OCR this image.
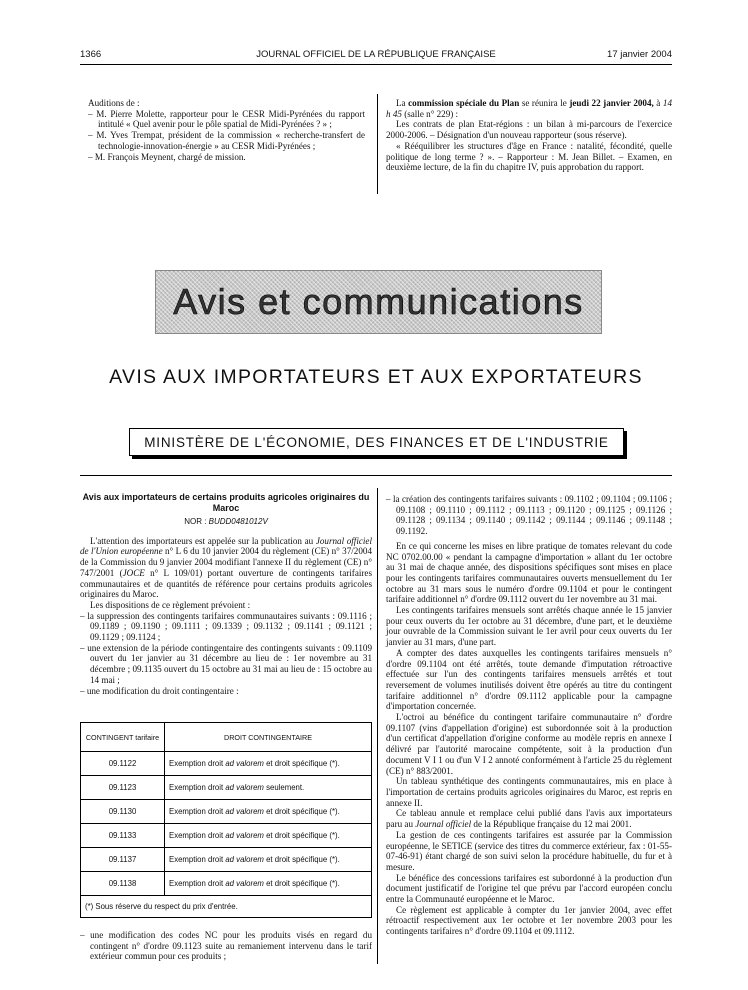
1366	JOURNAL OFFICIEL DE LA RÉPUBLIQUE FRANÇAISE	17 janvier 2004

Auditions de :

– M. Pierre Molette, rapporteur pour le CESR Midi-Pyrénées du rapport intitulé « Quel avenir pour le pôle spatial de Midi-Pyrénées ? » ;

– M. Yves Trempat, président de la commission « recherche-transfert de technologie-innovation-énergie » au CESR Midi-Pyrénées ;

– M. François Meynent, chargé de mission.

La commission spéciale du Plan se réunira le jeudi 22 janvier 2004, à 14 h 45 (salle n° 229) :

Les contrats de plan Etat-régions : un bilan à mi-parcours de l'exercice 2000-2006. – Désignation d'un nouveau rapporteur (sous réserve).

« Rééquilibrer les structures d'âge en France : natalité, fécondité, quelle politique de long terme ? ». – Rapporteur : M. Jean Billet. – Examen, en deuxième lecture, de la fin du chapitre IV, puis approbation du rapport.

Avis et communications
AVIS AUX IMPORTATEURS ET AUX EXPORTATEURS
MINISTÈRE DE L'ÉCONOMIE, DES FINANCES ET DE L'INDUSTRIE
Avis aux importateurs de certains produits agricoles originaires du Maroc
NOR : BUDD0481012V

L'attention des importateurs est appelée sur la publication au Journal officiel de l'Union européenne n° L 6 du 10 janvier 2004 du règlement (CE) n° 37/2004 de la Commission du 9 janvier 2004 modifiant l'annexe II du règlement (CE) n° 747/2001 (JOCE n° L 109/01) portant ouverture de contingents tarifaires communautaires et de quantités de référence pour certains produits agricoles originaires du Maroc.

Les dispositions de ce règlement prévoient :

– la suppression des contingents tarifaires communautaires suivants : 09.1116 ; 09.1189 ; 09.1190 ; 09.1111 ; 09.1339 ; 09.1132 ; 09.1141 ; 09.1121 ; 09.1129 ; 09.1124 ;

– une extension de la période contingentaire des contingents suivants : 09.1109 ouvert du 1er janvier au 31 décembre au lieu de : 1er novembre au 31 décembre ; 09.1135 ouvert du 15 octobre au 31 mai au lieu de : 15 octobre au 14 mai ;

– une modification du droit contingentaire :

CONTINGENT tarifaire	DROIT CONTINGENTAIRE
09.1122	Exemption droit ad valorem et droit spécifique (*).
09.1123	Exemption droit ad valorem seulement.
09.1130	Exemption droit ad valorem et droit spécifique (*).
09.1133	Exemption droit ad valorem et droit spécifique (*).
09.1137	Exemption droit ad valorem et droit spécifique (*).
09.1138	Exemption droit ad valorem et droit spécifique (*).
(*) Sous réserve du respect du prix d'entrée.	

– une modification des codes NC pour les produits visés en regard du contingent n° d'ordre 09.1123 suite au remaniement intervenu dans le tarif extérieur commun pour ces produits ;

– la création des contingents tarifaires suivants : 09.1102 ; 09.1104 ; 09.1106 ; 09.1108 ; 09.1110 ; 09.1112 ; 09.1113 ; 09.1120 ; 09.1125 ; 09.1126 ; 09.1128 ; 09.1134 ; 09.1140 ; 09.1142 ; 09.1144 ; 09.1146 ; 09.1148 ; 09.1192.

En ce qui concerne les mises en libre pratique de tomates relevant du code NC 0702.00.00 « pendant la campagne d'importation » allant du 1er octobre au 31 mai de chaque année, des dispositions spécifiques sont mises en place pour les contingents tarifaires communautaires ouverts mensuellement du 1er octobre au 31 mars sous le numéro d'ordre 09.1104 et pour le contingent tarifaire additionnel n° d'ordre 09.1112 ouvert du 1er novembre au 31 mai.

Les contingents tarifaires mensuels sont arrêtés chaque année le 15 janvier pour ceux ouverts du 1er octobre au 31 décembre, d'une part, et le deuxième jour ouvrable de la Commission suivant le 1er avril pour ceux ouverts du 1er janvier au 31 mars, d'une part.

A compter des dates auxquelles les contingents tarifaires mensuels n° d'ordre 09.1104 ont été arrêtés, toute demande d'imputation rétroactive effectuée sur l'un des contingents tarifaires mensuels arrêtés et tout reversement de volumes inutilisés doivent être opérés au titre du contingent tarifaire additionnel n° d'ordre 09.1112 applicable pour la campagne d'importation concernée.

L'octroi au bénéfice du contingent tarifaire communautaire n° d'ordre 09.1107 (vins d'appellation d'origine) est subordonnée soit à la production d'un certificat d'appellation d'origine conforme au modèle repris en annexe I délivré par l'autorité marocaine compétente, soit à la production d'un document V I 1 ou d'un V I 2 annoté conformément à l'article 25 du règlement (CE) n° 883/2001.

Un tableau synthétique des contingents communautaires, mis en place à l'importation de certains produits agricoles originaires du Maroc, est repris en annexe II.

Ce tableau annule et remplace celui publié dans l'avis aux importateurs paru au Journal officiel de la République française du 12 mai 2001.

La gestion de ces contingents tarifaires est assurée par la Commission européenne, le SETICE (service des titres du commerce extérieur, fax : 01-55-07-46-91) étant chargé de son suivi selon la procédure habituelle, du fur et à mesure.

Le bénéfice des concessions tarifaires est subordonné à la production d'un document justificatif de l'origine tel que prévu par l'accord européen conclu entre la Communauté européenne et le Maroc.

Ce règlement est applicable à compter du 1er janvier 2004, avec effet rétroactif respectivement aux 1er octobre et 1er novembre 2003 pour les contingents tarifaires n° d'ordre 09.1104 et 09.1112.
